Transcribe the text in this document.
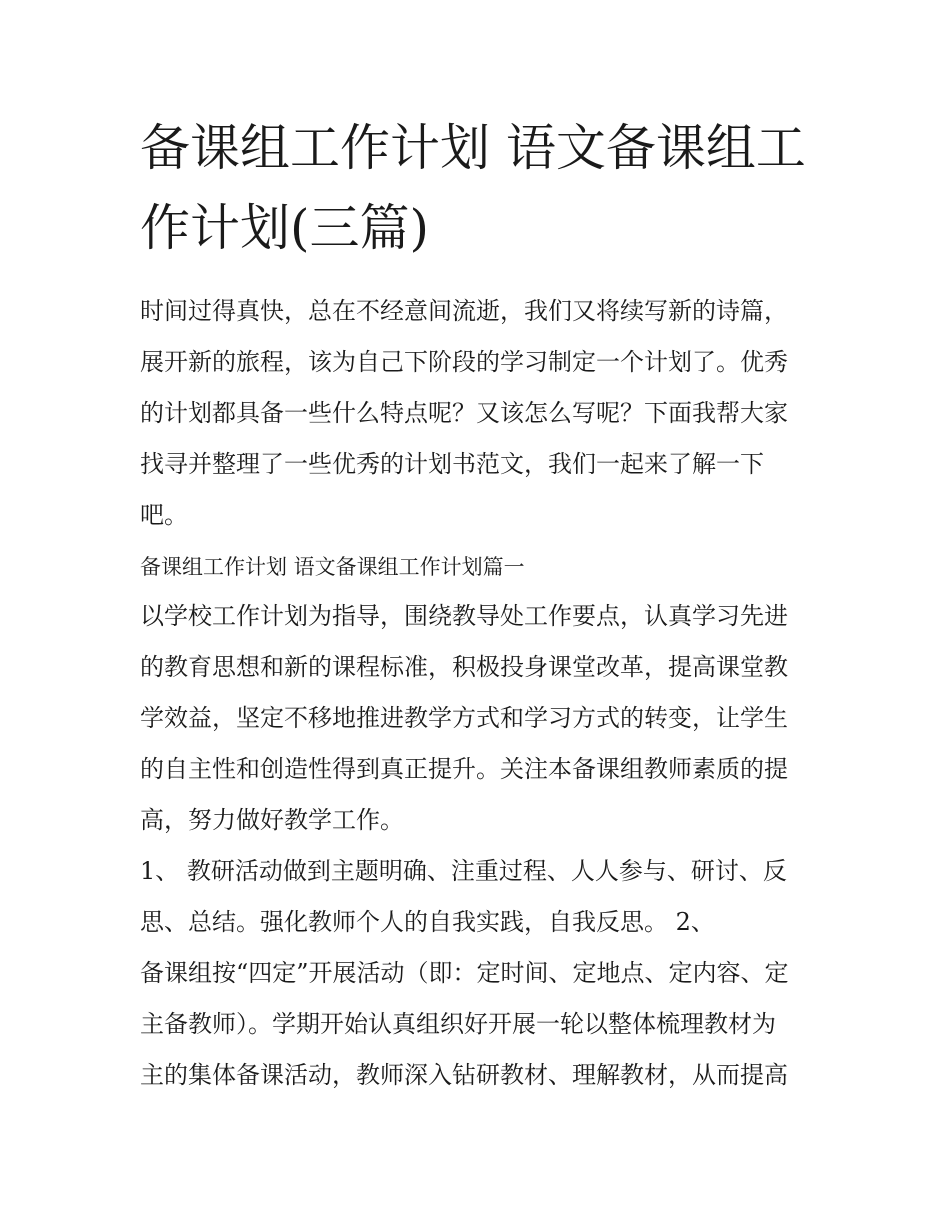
备课组工作计划 语文备课组工
作计划(三篇)

时间过得真快，总在不经意间流逝，我们又将续写新的诗篇，
展开新的旅程，该为自己下阶段的学习制定一个计划了。优秀
的计划都具备一些什么特点呢？又该怎么写呢？下面我帮大家
找寻并整理了一些优秀的计划书范文，我们一起来了解一下
吧。

备课组工作计划 语文备课组工作计划篇一

以学校工作计划为指导，围绕教导处工作要点，认真学习先进
的教育思想和新的课程标准，积极投身课堂改革，提高课堂教
学效益，坚定不移地推进教学方式和学习方式的转变，让学生
的自主性和创造性得到真正提升。关注本备课组教师素质的提
高，努力做好教学工作。
1、 教研活动做到主题明确、注重过程、人人参与、研讨、反
思、总结。强化教师个人的自我实践，自我反思。 2、
备课组按“四定”开展活动（即：定时间、定地点、定内容、定
主备教师）。学期开始认真组织好开展一轮以整体梳理教材为
主的集体备课活动，教师深入钻研教材、理解教材，从而提高
